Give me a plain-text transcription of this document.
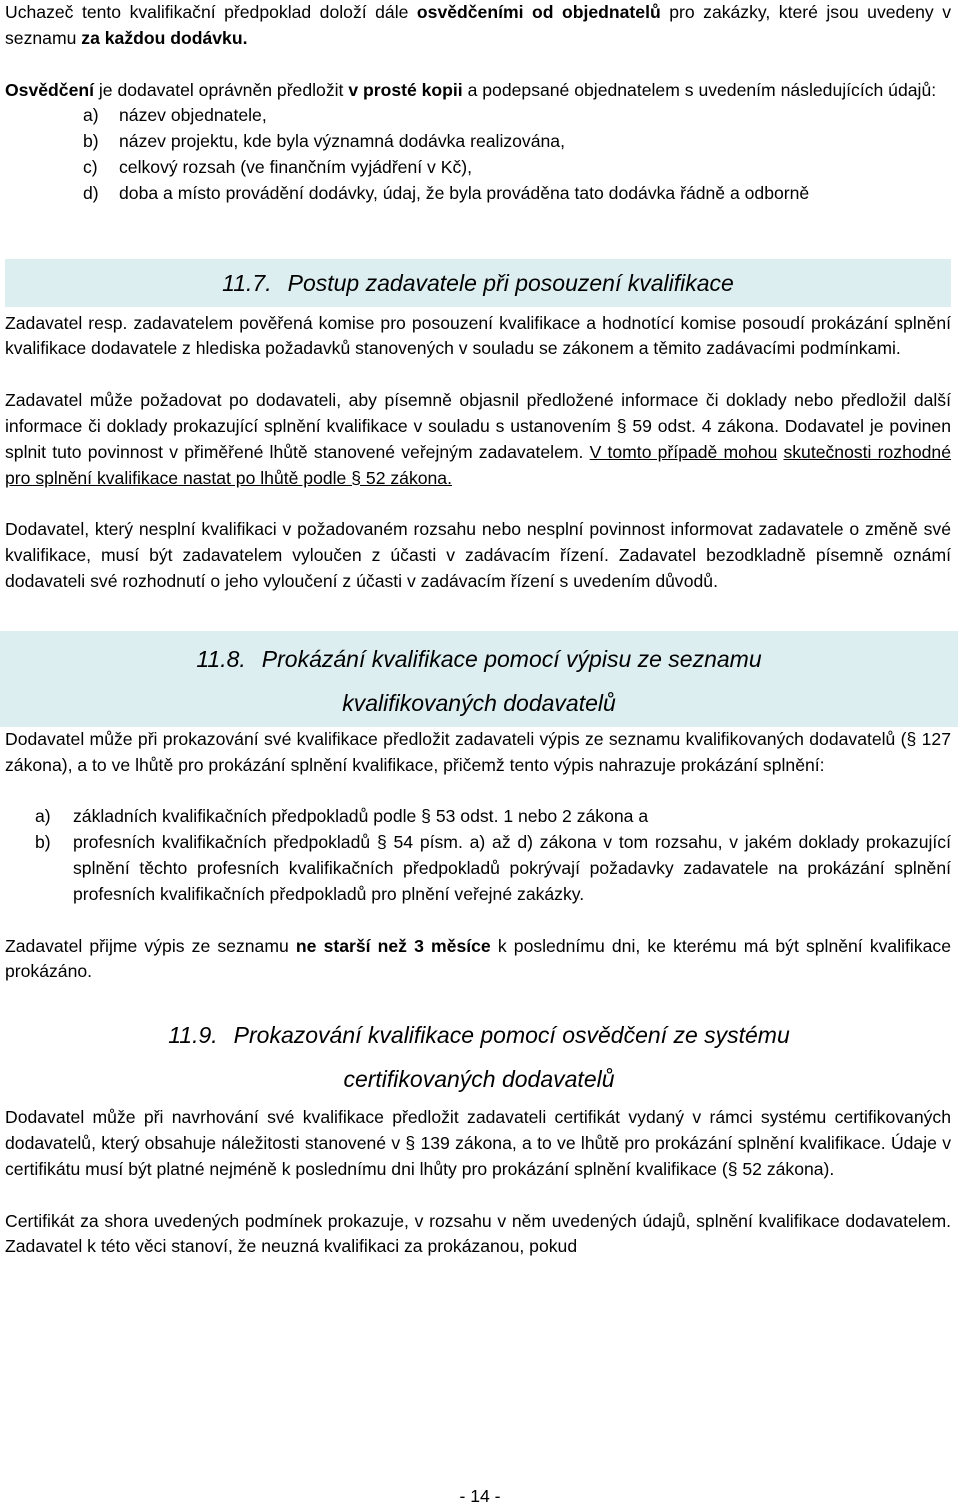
Uchazeč tento kvalifikační předpoklad doloží dále osvědčeními od objednatelů pro zakázky, které jsou uvedeny v seznamu za každou dodávku.

Osvědčení je dodavatel oprávněn předložit v prosté kopii a podepsané objednatelem s uvedením následujících údajů:

a) název objednatele,
b) název projektu, kde byla významná dodávka realizována,
c) celkový rozsah (ve finančním vyjádření v Kč),
d) doba a místo provádění dodávky, údaj, že byla prováděna tato dodávka řádně a odborně
11.7. Postup zadavatele při posouzení kvalifikace

Zadavatel resp. zadavatelem pověřená komise pro posouzení kvalifikace a hodnotící komise posoudí prokázání splnění kvalifikace dodavatele z hlediska požadavků stanovených v souladu se zákonem a těmito zadávacími podmínkami.

Zadavatel může požadovat po dodavateli, aby písemně objasnil předložené informace či doklady nebo předložil další informace či doklady prokazující splnění kvalifikace v souladu s ustanovením § 59 odst. 4 zákona. Dodavatel je povinen splnit tuto povinnost v přiměřené lhůtě stanovené veřejným zadavatelem. V tomto případě mohou skutečnosti rozhodné pro splnění kvalifikace nastat po lhůtě podle § 52 zákona.

Dodavatel, který nesplní kvalifikaci v požadovaném rozsahu nebo nesplní povinnost informovat zadavatele o změně své kvalifikace, musí být zadavatelem vyloučen z účasti v zadávacím řízení. Zadavatel bezodkladně písemně oznámí dodavateli své rozhodnutí o jeho vyloučení z účasti v zadávacím řízení s uvedením důvodů.

11.8. Prokázání kvalifikace pomocí výpisu ze seznamu
kvalifikovaných dodavatelů

Dodavatel může při prokazování své kvalifikace předložit zadavateli výpis ze seznamu kvalifikovaných dodavatelů (§ 127 zákona), a to ve lhůtě pro prokázání splnění kvalifikace, přičemž tento výpis nahrazuje prokázání splnění:

a) základních kvalifikačních předpokladů podle § 53 odst. 1 nebo 2 zákona a
b) profesních kvalifikačních předpokladů § 54 písm. a) až d) zákona v tom rozsahu, v jakém doklady prokazující splnění těchto profesních kvalifikačních předpokladů pokrývají požadavky zadavatele na prokázání splnění profesních kvalifikačních předpokladů pro plnění veřejné zakázky.

Zadavatel přijme výpis ze seznamu ne starší než 3 měsíce k poslednímu dni, ke kterému má být splnění kvalifikace prokázáno.

11.9. Prokazování kvalifikace pomocí osvědčení ze systému
certifikovaných dodavatelů

Dodavatel může při navrhování své kvalifikace předložit zadavateli certifikát vydaný v rámci systému certifikovaných dodavatelů, který obsahuje náležitosti stanovené v § 139 zákona, a to ve lhůtě pro prokázání splnění kvalifikace. Údaje v certifikátu musí být platné nejméně k poslednímu dni lhůty pro prokázání splnění kvalifikace (§ 52 zákona).

Certifikát za shora uvedených podmínek prokazuje, v rozsahu v něm uvedených údajů, splnění kvalifikace dodavatelem. Zadavatel k této věci stanoví, že neuzná kvalifikaci za prokázanou, pokud

- 14 -
